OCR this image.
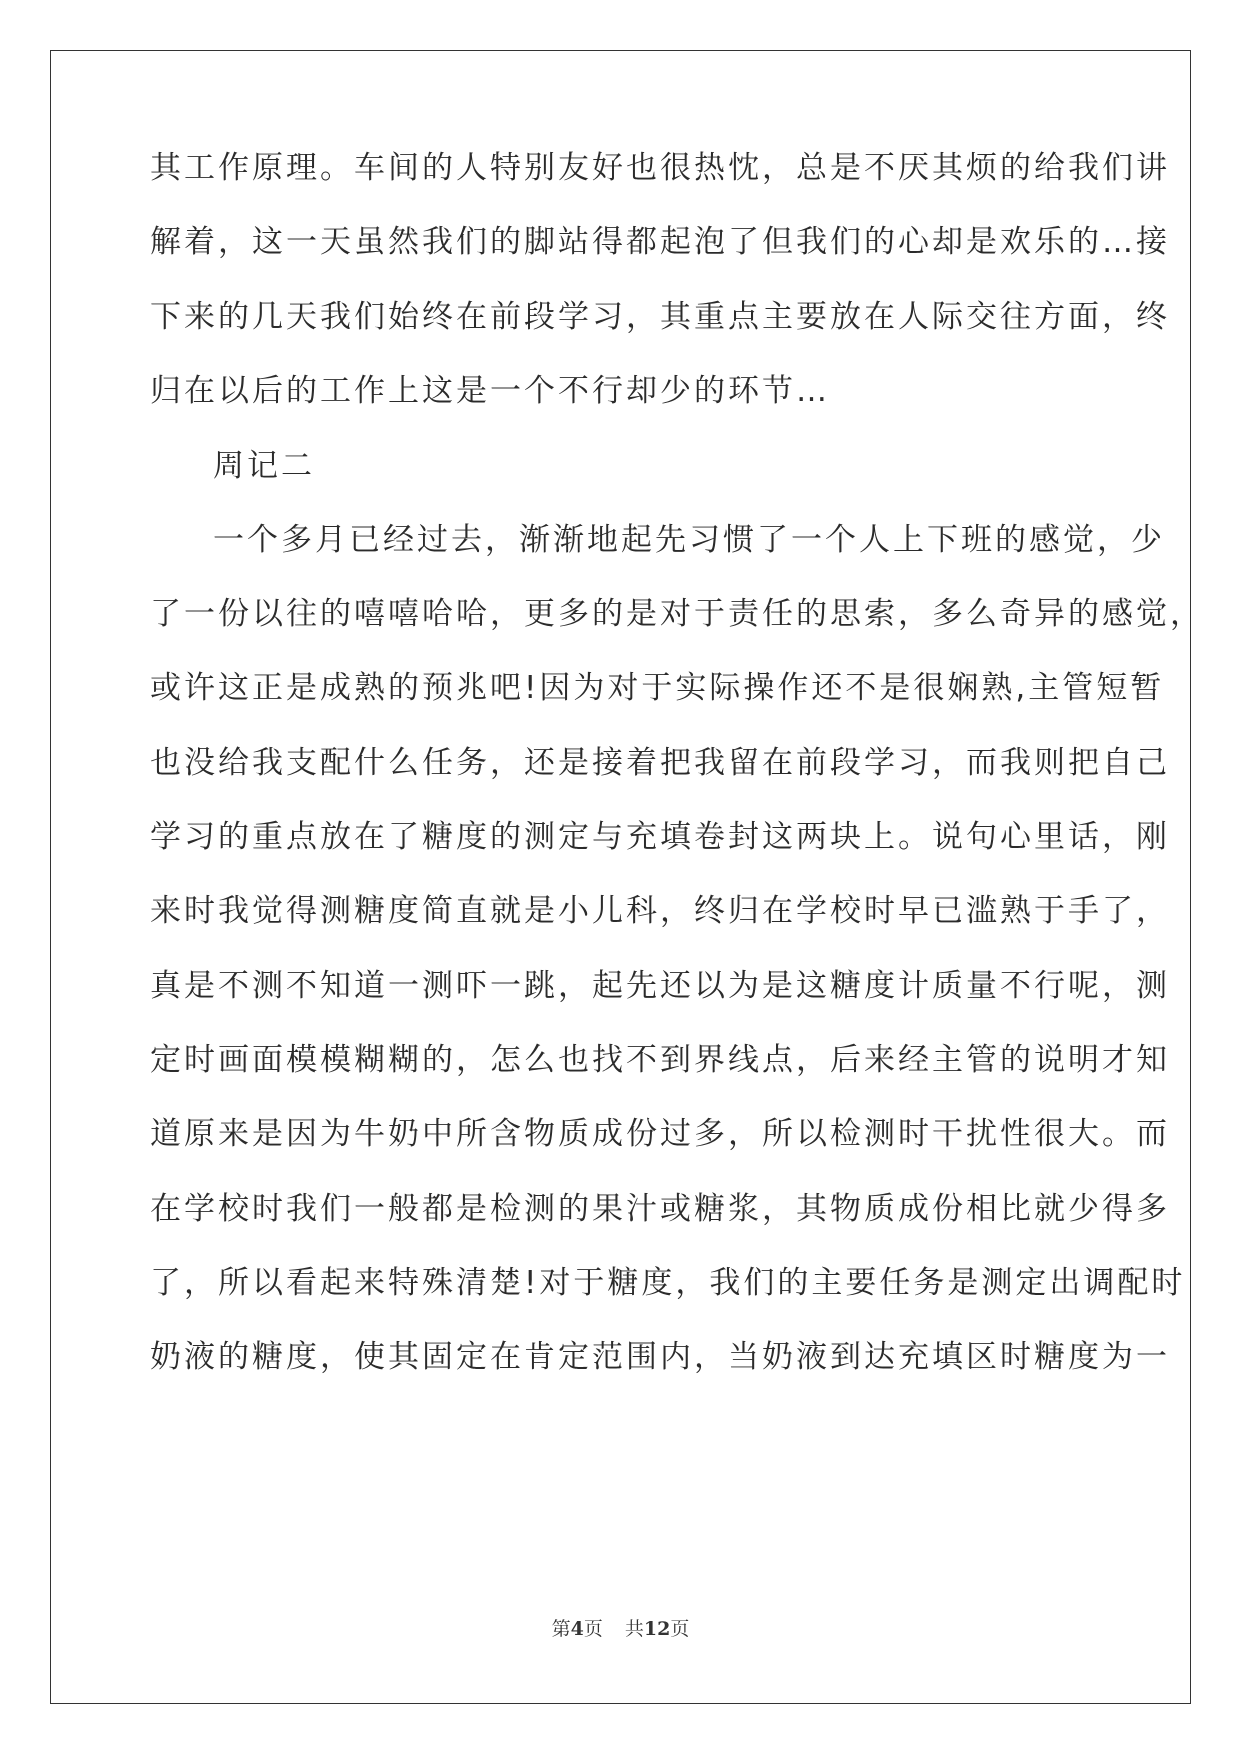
其工作原理。车间的人特别友好也很热忱，总是不厌其烦的给我们讲
解着，这一天虽然我们的脚站得都起泡了但我们的心却是欢乐的…接
下来的几天我们始终在前段学习，其重点主要放在人际交往方面，终
归在以后的工作上这是一个不行却少的环节…
周记二
一个多月已经过去，渐渐地起先习惯了一个人上下班的感觉，少
了一份以往的嘻嘻哈哈，更多的是对于责任的思索，多么奇异的感觉，
或许这正是成熟的预兆吧!因为对于实际操作还不是很娴熟,主管短暂
也没给我支配什么任务，还是接着把我留在前段学习，而我则把自己
学习的重点放在了糖度的测定与充填卷封这两块上。说句心里话，刚
来时我觉得测糖度简直就是小儿科，终归在学校时早已滥熟于手了，
真是不测不知道一测吓一跳，起先还以为是这糖度计质量不行呢，测
定时画面模模糊糊的，怎么也找不到界线点，后来经主管的说明才知
道原来是因为牛奶中所含物质成份过多，所以检测时干扰性很大。而
在学校时我们一般都是检测的果汁或糖浆，其物质成份相比就少得多
了，所以看起来特殊清楚!对于糖度，我们的主要任务是测定出调配时
奶液的糖度，使其固定在肯定范围内，当奶液到达充填区时糖度为一
第4页 共12页
